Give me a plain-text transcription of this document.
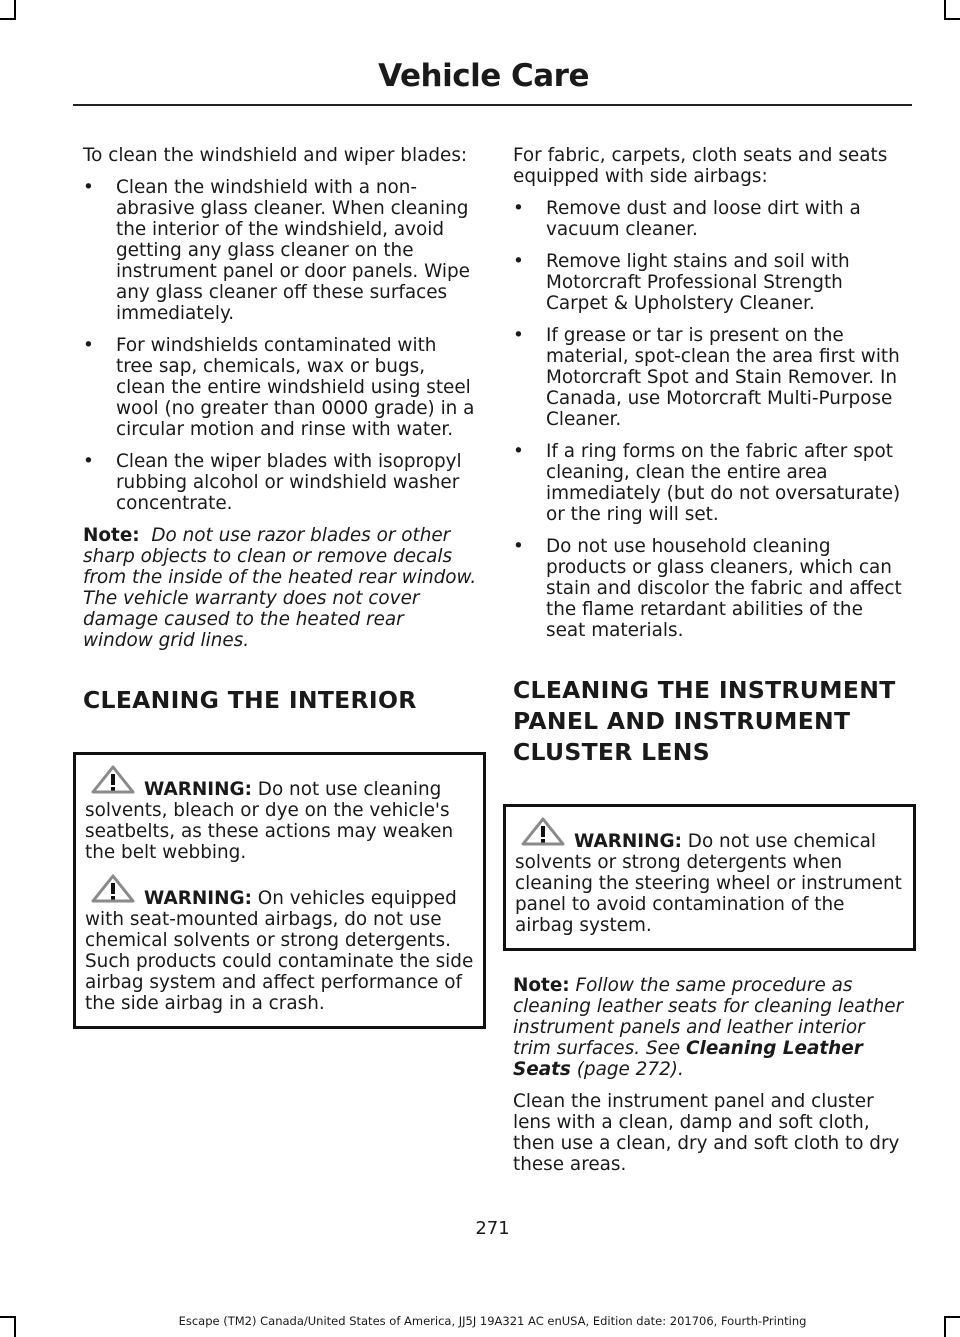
Vehicle Care

To clean the windshield and wiper blades:

• Clean the windshield with a non-abrasive glass cleaner. When cleaning the interior of the windshield, avoid getting any glass cleaner on the instrument panel or door panels. Wipe any glass cleaner off these surfaces immediately.
• For windshields contaminated with tree sap, chemicals, wax or bugs, clean the entire windshield using steel wool (no greater than 0000 grade) in a circular motion and rinse with water.
• Clean the wiper blades with isopropyl rubbing alcohol or windshield washer concentrate.

Note: Do not use razor blades or other sharp objects to clean or remove decals from the inside of the heated rear window. The vehicle warranty does not cover damage caused to the heated rear window grid lines.

CLEANING THE INTERIOR

WARNING: Do not use cleaning solvents, bleach or dye on the vehicle's seatbelts, as these actions may weaken the belt webbing.

WARNING: On vehicles equipped with seat-mounted airbags, do not use chemical solvents or strong detergents. Such products could contaminate the side airbag system and affect performance of the side airbag in a crash.

For fabric, carpets, cloth seats and seats equipped with side airbags:

• Remove dust and loose dirt with a vacuum cleaner.
• Remove light stains and soil with Motorcraft Professional Strength Carpet & Upholstery Cleaner.
• If grease or tar is present on the material, spot-clean the area first with Motorcraft Spot and Stain Remover. In Canada, use Motorcraft Multi-Purpose Cleaner.
• If a ring forms on the fabric after spot cleaning, clean the entire area immediately (but do not oversaturate) or the ring will set.
• Do not use household cleaning products or glass cleaners, which can stain and discolor the fabric and affect the flame retardant abilities of the seat materials.
CLEANING THE INSTRUMENT PANEL AND INSTRUMENT CLUSTER LENS

WARNING: Do not use chemical solvents or strong detergents when cleaning the steering wheel or instrument panel to avoid contamination of the airbag system.

Note: Follow the same procedure as cleaning leather seats for cleaning leather instrument panels and leather interior trim surfaces. See Cleaning Leather Seats (page 272).

Clean the instrument panel and cluster lens with a clean, damp and soft cloth, then use a clean, dry and soft cloth to dry these areas.

271
Escape (TM2) Canada/United States of America, JJ5J 19A321 AC enUSA, Edition date: 201706, Fourth-Printing
